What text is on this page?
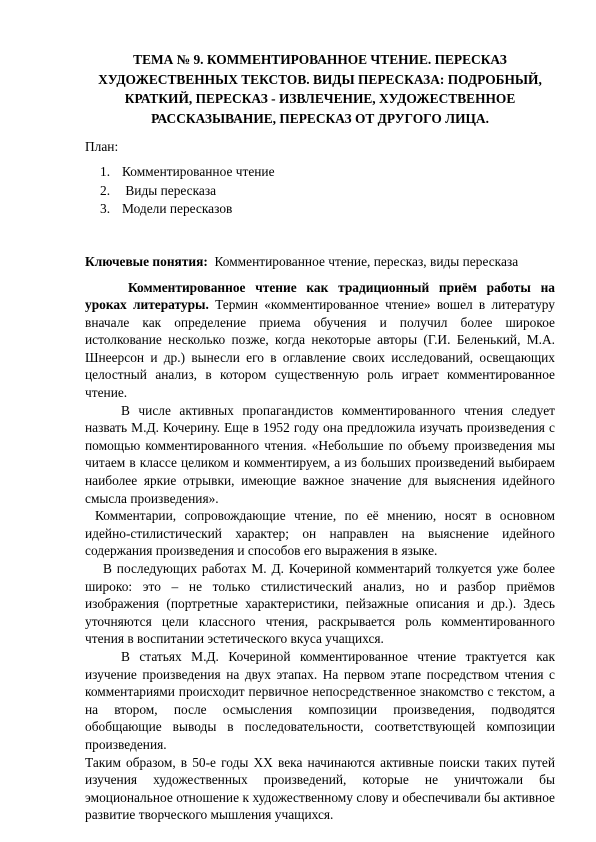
ТЕМА № 9. КОММЕНТИРОВАННОЕ ЧТЕНИЕ. ПЕРЕСКАЗ ХУДОЖЕСТВЕННЫХ ТЕКСТОВ. ВИДЫ ПЕРЕСКАЗА: ПОДРОБНЫЙ, КРАТКИЙ, ПЕРЕСКАЗ - ИЗВЛЕЧЕНИЕ, ХУДОЖЕСТВЕННОЕ РАССКАЗЫВАНИЕ, ПЕРЕСКАЗ ОТ ДРУГОГО ЛИЦА.
План:
1. Комментированное чтение
2. Виды пересказа
3. Модели пересказов
Ключевые понятия:  Комментированное чтение, пересказ, виды пересказа

Комментированное чтение как традиционный приём работы на уроках литературы. Термин «комментированное чтение» вошел в литературу вначале как определение приема обучения и получил более широкое истолкование несколько позже, когда некоторые авторы (Г.И. Беленький, М.А. Шнеерсон и др.) вынесли его в оглавление своих исследований, освещающих целостный анализ, в котором существенную роль играет комментированное чтение.

В числе активных пропагандистов комментированного чтения следует назвать М.Д. Кочерину. Еще в 1952 году она предложила изучать произведения с помощью комментированного чтения. «Небольшие по объему произведения мы читаем в классе целиком и комментируем, а из больших произведений выбираем наиболее яркие отрывки, имеющие важное значение для выяснения идейного смысла произведения».

Комментарии, сопровождающие чтение, по её мнению, носят в основном идейно-стилистический характер; он направлен на выяснение идейного содержания произведения и способов его выражения в языке.

В последующих работах М. Д. Кочериной комментарий толкуется уже более широко: это – не только стилистический анализ, но и разбор приёмов изображения (портретные характеристики, пейзажные описания и др.). Здесь уточняются цели классного чтения, раскрывается роль комментированного чтения в воспитании эстетического вкуса учащихся.

В статьях М.Д. Кочериной комментированное чтение трактуется как изучение произведения на двух этапах. На первом этапе посредством чтения с комментариями происходит первичное непосредственное знакомство с текстом, а на втором, после осмысления композиции произведения, подводятся обобщающие выводы в последовательности, соответствующей композиции произведения.

Таким образом, в 50-е годы XX века начинаются активные поиски таких путей изучения художественных произведений, которые не уничтожали бы эмоциональное отношение к художественному слову и обеспечивали бы активное развитие творческого мышления учащихся.
